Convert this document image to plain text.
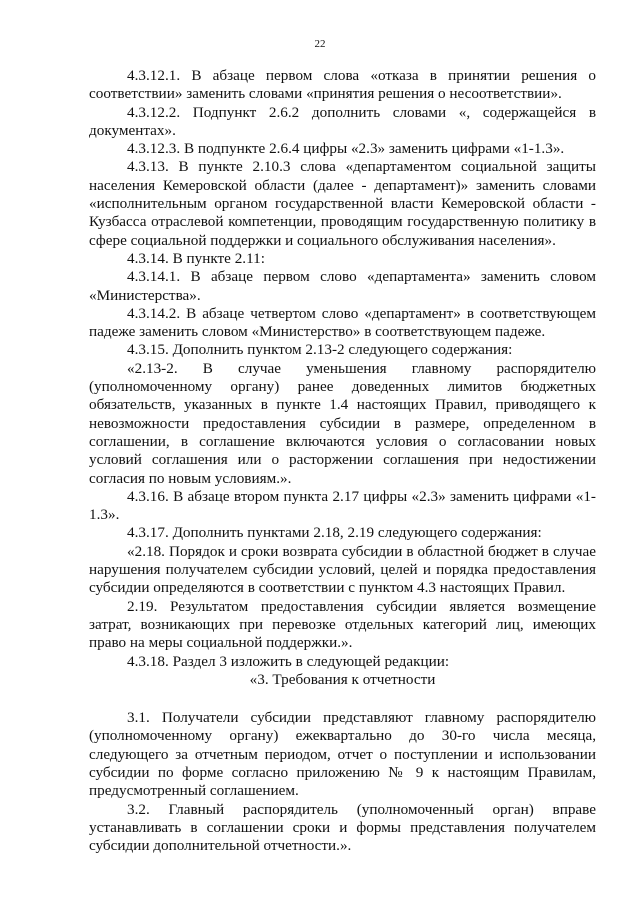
22

4.3.12.1. В абзаце первом слова «отказа в принятии решения о соответствии» заменить словами «принятия решения о несоответствии».

4.3.12.2. Подпункт 2.6.2 дополнить словами «, содержащейся в документах».

4.3.12.3. В подпункте 2.6.4 цифры «2.3» заменить цифрами «1-1.3».

4.3.13. В пункте 2.10.3 слова «департаментом социальной защиты населения Кемеровской области (далее - департамент)» заменить словами «исполнительным органом государственной власти Кемеровской области - Кузбасса отраслевой компетенции, проводящим государственную политику в сфере социальной поддержки и социального обслуживания населения».

4.3.14. В пункте 2.11:

4.3.14.1. В абзаце первом слово «департамента» заменить словом «Министерства».

4.3.14.2. В абзаце четвертом слово «департамент» в соответствующем падеже заменить словом «Министерство» в соответствующем падеже.

4.3.15. Дополнить пунктом 2.13-2 следующего содержания:

«2.13-2. В случае уменьшения главному распорядителю (уполномоченному органу) ранее доведенных лимитов бюджетных обязательств, указанных в пункте 1.4 настоящих Правил, приводящего к невозможности предоставления субсидии в размере, определенном в соглашении, в соглашение включаются условия о согласовании новых условий соглашения или о расторжении соглашения при недостижении согласия по новым условиям.».

4.3.16. В абзаце втором пункта 2.17 цифры «2.3» заменить цифрами «1-1.3».

4.3.17. Дополнить пунктами 2.18, 2.19 следующего содержания:

«2.18. Порядок и сроки возврата субсидии в областной бюджет в случае нарушения получателем субсидии условий, целей и порядка предоставления субсидии определяются в соответствии с пунктом 4.3 настоящих Правил.

2.19. Результатом предоставления субсидии является возмещение затрат, возникающих при перевозке отдельных категорий лиц, имеющих право на меры социальной поддержки.».

4.3.18. Раздел 3 изложить в следующей редакции:

«3. Требования к отчетности

3.1. Получатели субсидии представляют главному распорядителю (уполномоченному органу) ежеквартально до 30-го числа месяца, следующего за отчетным периодом, отчет о поступлении и использовании субсидии по форме согласно приложению № 9 к настоящим Правилам, предусмотренный соглашением.

3.2. Главный распорядитель (уполномоченный орган) вправе устанавливать в соглашении сроки и формы представления получателем субсидии дополнительной отчетности.».
